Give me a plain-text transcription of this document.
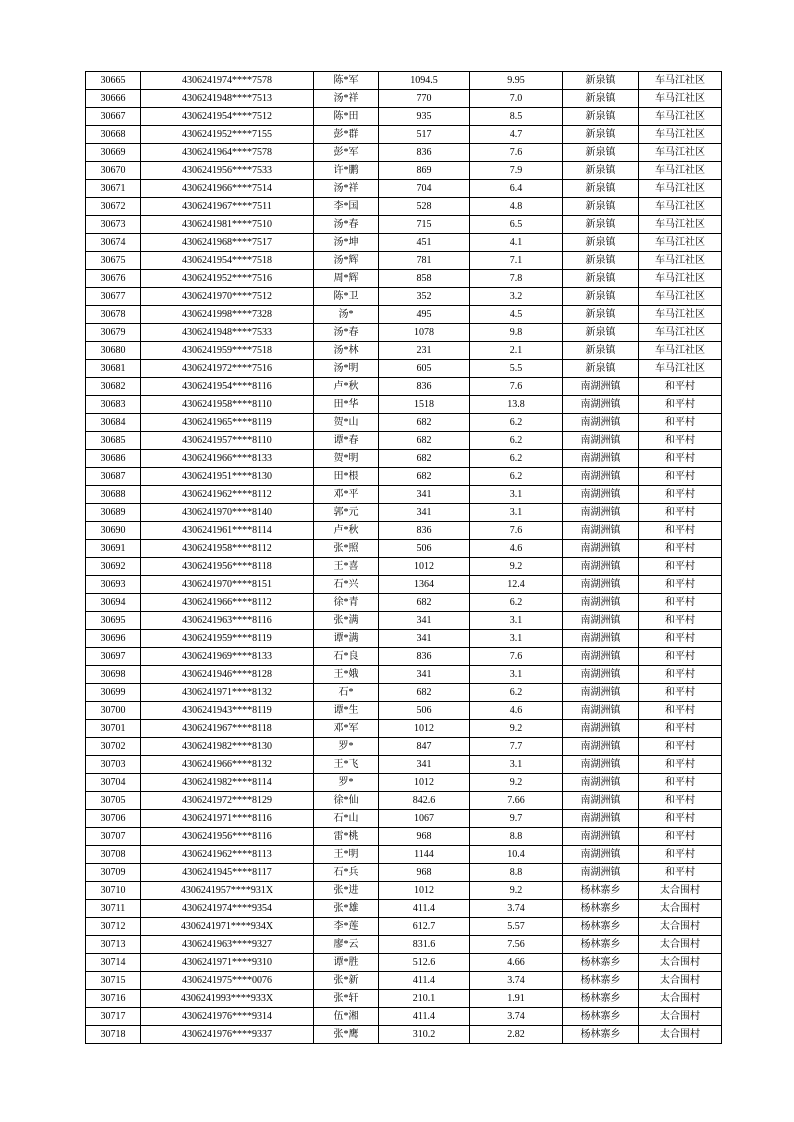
30665	4306241974****7578	陈*军	1094.5	9.95	新泉镇	车马江社区
30666	4306241948****7513	汤*祥	770	7.0	新泉镇	车马江社区
30667	4306241954****7512	陈*田	935	8.5	新泉镇	车马江社区
30668	4306241952****7155	彭*群	517	4.7	新泉镇	车马江社区
30669	4306241964****7578	彭*军	836	7.6	新泉镇	车马江社区
30670	4306241956****7533	许*鹏	869	7.9	新泉镇	车马江社区
30671	4306241966****7514	汤*祥	704	6.4	新泉镇	车马江社区
30672	4306241967****7511	李*国	528	4.8	新泉镇	车马江社区
30673	4306241981****7510	汤*春	715	6.5	新泉镇	车马江社区
30674	4306241968****7517	汤*坤	451	4.1	新泉镇	车马江社区
30675	4306241954****7518	汤*辉	781	7.1	新泉镇	车马江社区
30676	4306241952****7516	周*辉	858	7.8	新泉镇	车马江社区
30677	4306241970****7512	陈*卫	352	3.2	新泉镇	车马江社区
30678	4306241998****7328	汤*	495	4.5	新泉镇	车马江社区
30679	4306241948****7533	汤*春	1078	9.8	新泉镇	车马江社区
30680	4306241959****7518	汤*林	231	2.1	新泉镇	车马江社区
30681	4306241972****7516	汤*明	605	5.5	新泉镇	车马江社区
30682	4306241954****8116	卢*秋	836	7.6	南湖洲镇	和平村
30683	4306241958****8110	田*华	1518	13.8	南湖洲镇	和平村
30684	4306241965****8119	贺*山	682	6.2	南湖洲镇	和平村
30685	4306241957****8110	谭*春	682	6.2	南湖洲镇	和平村
30686	4306241966****8133	贺*明	682	6.2	南湖洲镇	和平村
30687	4306241951****8130	田*根	682	6.2	南湖洲镇	和平村
30688	4306241962****8112	邓*平	341	3.1	南湖洲镇	和平村
30689	4306241970****8140	郭*元	341	3.1	南湖洲镇	和平村
30690	4306241961****8114	卢*秋	836	7.6	南湖洲镇	和平村
30691	4306241958****8112	张*照	506	4.6	南湖洲镇	和平村
30692	4306241956****8118	王*喜	1012	9.2	南湖洲镇	和平村
30693	4306241970****8151	石*兴	1364	12.4	南湖洲镇	和平村
30694	4306241966****8112	徐*青	682	6.2	南湖洲镇	和平村
30695	4306241963****8116	张*满	341	3.1	南湖洲镇	和平村
30696	4306241959****8119	谭*满	341	3.1	南湖洲镇	和平村
30697	4306241969****8133	石*良	836	7.6	南湖洲镇	和平村
30698	4306241946****8128	王*娥	341	3.1	南湖洲镇	和平村
30699	4306241971****8132	石*	682	6.2	南湖洲镇	和平村
30700	4306241943****8119	谭*生	506	4.6	南湖洲镇	和平村
30701	4306241967****8118	邓*军	1012	9.2	南湖洲镇	和平村
30702	4306241982****8130	罗*	847	7.7	南湖洲镇	和平村
30703	4306241966****8132	王*飞	341	3.1	南湖洲镇	和平村
30704	4306241982****8114	罗*	1012	9.2	南湖洲镇	和平村
30705	4306241972****8129	徐*仙	842.6	7.66	南湖洲镇	和平村
30706	4306241971****8116	石*山	1067	9.7	南湖洲镇	和平村
30707	4306241956****8116	雷*桃	968	8.8	南湖洲镇	和平村
30708	4306241962****8113	王*明	1144	10.4	南湖洲镇	和平村
30709	4306241945****8117	石*兵	968	8.8	南湖洲镇	和平村
30710	4306241957****931X	张*进	1012	9.2	杨林寨乡	太合围村
30711	4306241974****9354	张*雄	411.4	3.74	杨林寨乡	太合围村
30712	4306241971****934X	李*莲	612.7	5.57	杨林寨乡	太合围村
30713	4306241963****9327	廖*云	831.6	7.56	杨林寨乡	太合围村
30714	4306241971****9310	谭*胜	512.6	4.66	杨林寨乡	太合围村
30715	4306241975****0076	张*新	411.4	3.74	杨林寨乡	太合围村
30716	4306241993****933X	张*轩	210.1	1.91	杨林寨乡	太合围村
30717	4306241976****9314	伍*湘	411.4	3.74	杨林寨乡	太合围村
30718	4306241976****9337	张*鹰	310.2	2.82	杨林寨乡	太合围村
